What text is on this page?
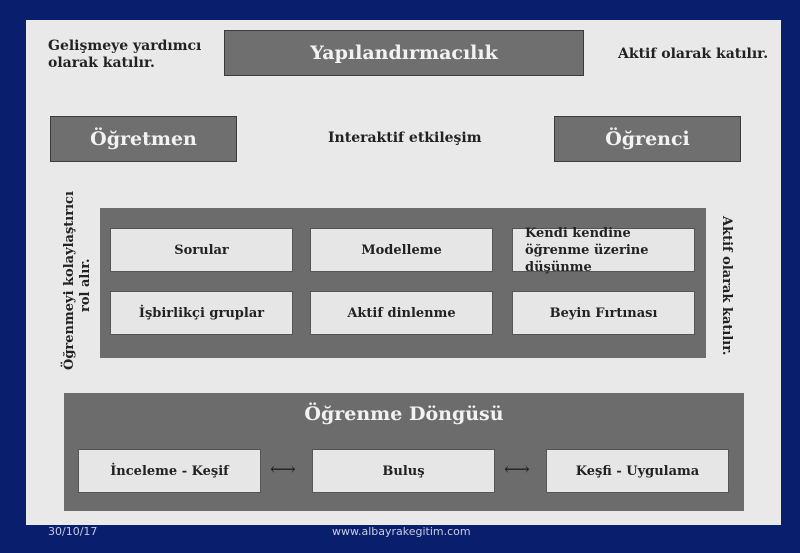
Gelişmeye yardımcı
olarak katılır.	Yapılandırmacılık	Aktif olarak katılır.
Öğretmen	Interaktif etkileşim	Öğrenci
Öğrenmeyi kolaylaştırıcı rol alır.	Aktif olarak katılır.
Sorular	Modelleme
Kendi kendine öğrenme üzerine düşünme
İşbirlikçi gruplar	Aktif dinlenme	Beyin Fırtınası
Öğrenme Döngüsü
İnceleme - Keşif	⟷	Buluş	⟷	Keşfi - Uygulama
30/10/17	www.albayrakegitim.com
